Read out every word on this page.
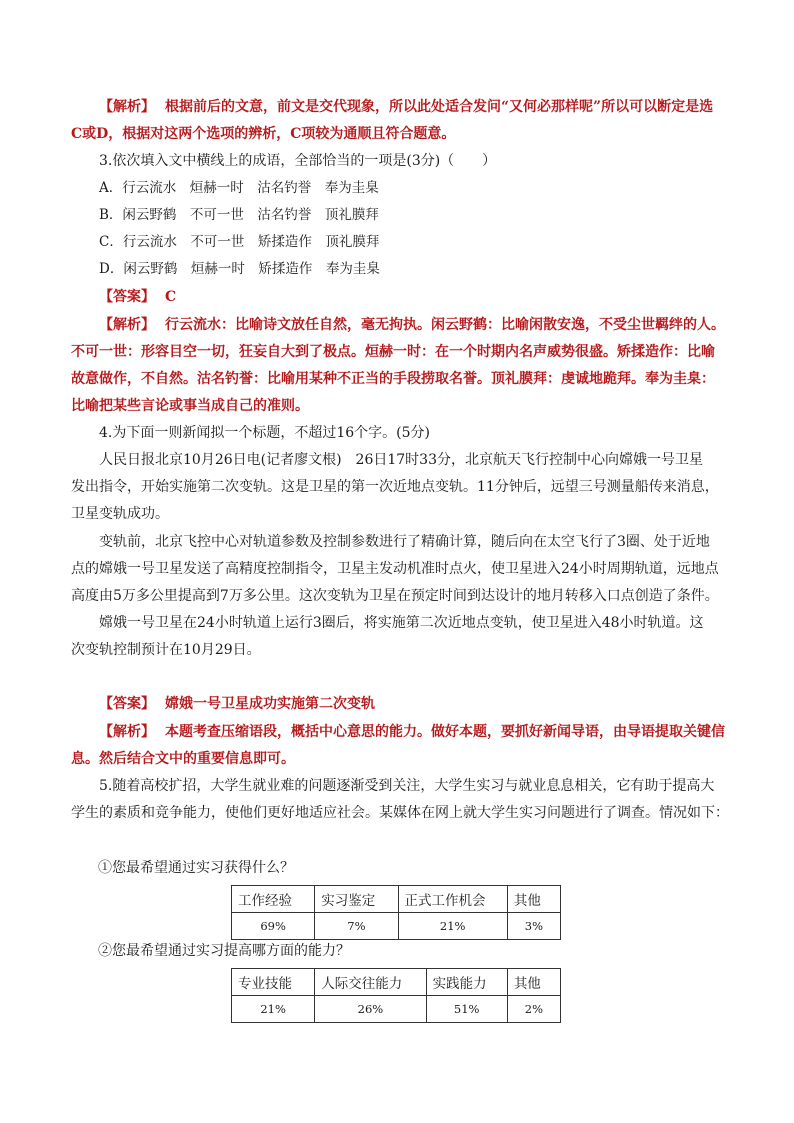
【解析】 根据前后的文意，前文是交代现象，所以此处适合发问“又何必那样呢”所以可以断定是选
C或D，根据对这两个选项的辨析，C项较为通顺且符合题意。
3.依次填入文中横线上的成语，全部恰当的一项是(3分)（　　）
A．行云流水　烜赫一时　沽名钓誉　奉为圭臬
B．闲云野鹤　不可一世　沽名钓誉　顶礼膜拜
C．行云流水　不可一世　矫揉造作　顶礼膜拜
D．闲云野鹤　烜赫一时　矫揉造作　奉为圭臬
【答案】 C
【解析】 行云流水：比喻诗文放任自然，毫无拘执。闲云野鹤：比喻闲散安逸，不受尘世羁绊的人。
不可一世：形容目空一切，狂妄自大到了极点。烜赫一时：在一个时期内名声威势很盛。矫揉造作：比喻
故意做作，不自然。沽名钓誉：比喻用某种不正当的手段捞取名誉。顶礼膜拜：虔诚地跪拜。奉为圭臬：
比喻把某些言论或事当成自己的准则。
4.为下面一则新闻拟一个标题，不超过16个字。(5分)
人民日报北京10月26日电(记者廖文根)　26日17时33分，北京航天飞行控制中心向嫦娥一号卫星
发出指令，开始实施第二次变轨。这是卫星的第一次近地点变轨。11分钟后，远望三号测量船传来消息，
卫星变轨成功。
变轨前，北京飞控中心对轨道参数及控制参数进行了精确计算，随后向在太空飞行了3圈、处于近地
点的嫦娥一号卫星发送了高精度控制指令，卫星主发动机准时点火，使卫星进入24小时周期轨道，远地点
高度由5万多公里提高到7万多公里。这次变轨为卫星在预定时间到达设计的地月转移入口点创造了条件。
嫦娥一号卫星在24小时轨道上运行3圈后，将实施第二次近地点变轨，使卫星进入48小时轨道。这
次变轨控制预计在10月29日。
【答案】 嫦娥一号卫星成功实施第二次变轨
【解析】 本题考查压缩语段，概括中心意思的能力。做好本题，要抓好新闻导语，由导语提取关键信
息。然后结合文中的重要信息即可。
5.随着高校扩招，大学生就业难的问题逐渐受到关注，大学生实习与就业息息相关，它有助于提高大
学生的素质和竞争能力，使他们更好地适应社会。某媒体在网上就大学生实习问题进行了调查。情况如下：
①您最希望通过实习获得什么？
工作经验	实习鉴定	正式工作机会	其他
69%	7%	21%	3%
②您最希望通过实习提高哪方面的能力？
专业技能	人际交往能力	实践能力	其他
21%	26%	51%	2%
